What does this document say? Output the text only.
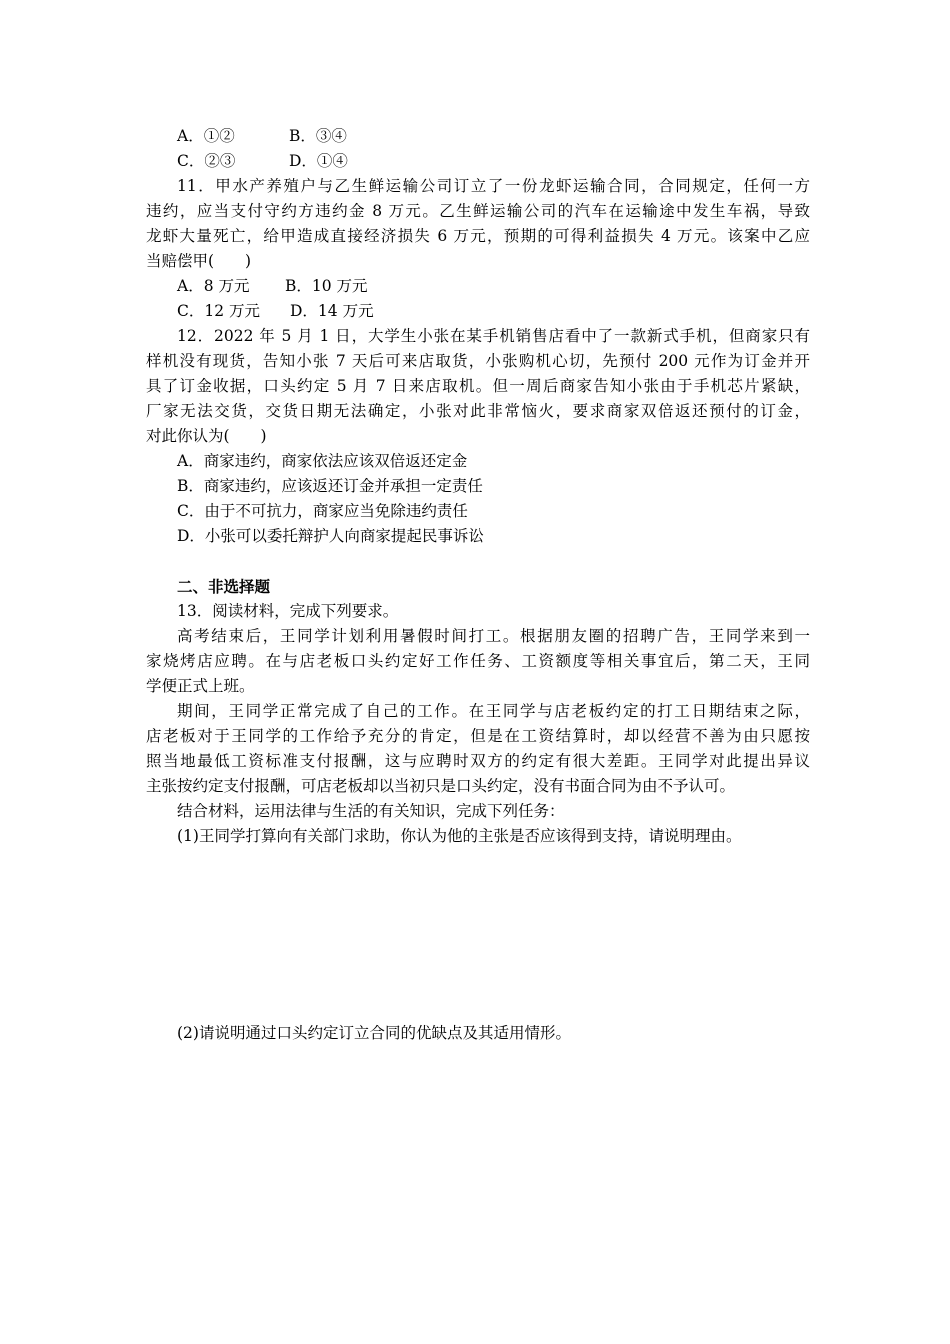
A．①②	B．③④
C．②③	D．①④
11．甲水产养殖户与乙生鲜运输公司订立了一份龙虾运输合同，合同规定，任何一方
违约，应当支付守约方违约金 8 万元。乙生鲜运输公司的汽车在运输途中发生车祸，导致
龙虾大量死亡，给甲造成直接经济损失 6 万元，预期的可得利益损失 4 万元。该案中乙应
当赔偿甲(　　)
A．8 万元 B．10 万元
C．12 万元 D．14 万元
12．2022 年 5 月 1 日，大学生小张在某手机销售店看中了一款新式手机，但商家只有
样机没有现货，告知小张 7 天后可来店取货，小张购机心切，先预付 200 元作为订金并开
具了订金收据，口头约定 5 月 7 日来店取机。但一周后商家告知小张由于手机芯片紧缺，
厂家无法交货，交货日期无法确定，小张对此非常恼火，要求商家双倍返还预付的订金，
对此你认为(　　)
A．商家违约，商家依法应该双倍返还定金
B．商家违约，应该返还订金并承担一定责任
C．由于不可抗力，商家应当免除违约责任
D．小张可以委托辩护人向商家提起民事诉讼
二、非选择题
13．阅读材料，完成下列要求。
高考结束后，王同学计划利用暑假时间打工。根据朋友圈的招聘广告，王同学来到一
家烧烤店应聘。在与店老板口头约定好工作任务、工资额度等相关事宜后，第二天，王同
学便正式上班。
期间，王同学正常完成了自己的工作。在王同学与店老板约定的打工日期结束之际，
店老板对于王同学的工作给予充分的肯定，但是在工资结算时，却以经营不善为由只愿按
照当地最低工资标准支付报酬，这与应聘时双方的约定有很大差距。王同学对此提出异议
主张按约定支付报酬，可店老板却以当初只是口头约定，没有书面合同为由不予认可。
结合材料，运用法律与生活的有关知识，完成下列任务：
(1)王同学打算向有关部门求助，你认为他的主张是否应该得到支持，请说明理由。
(2)请说明通过口头约定订立合同的优缺点及其适用情形。
